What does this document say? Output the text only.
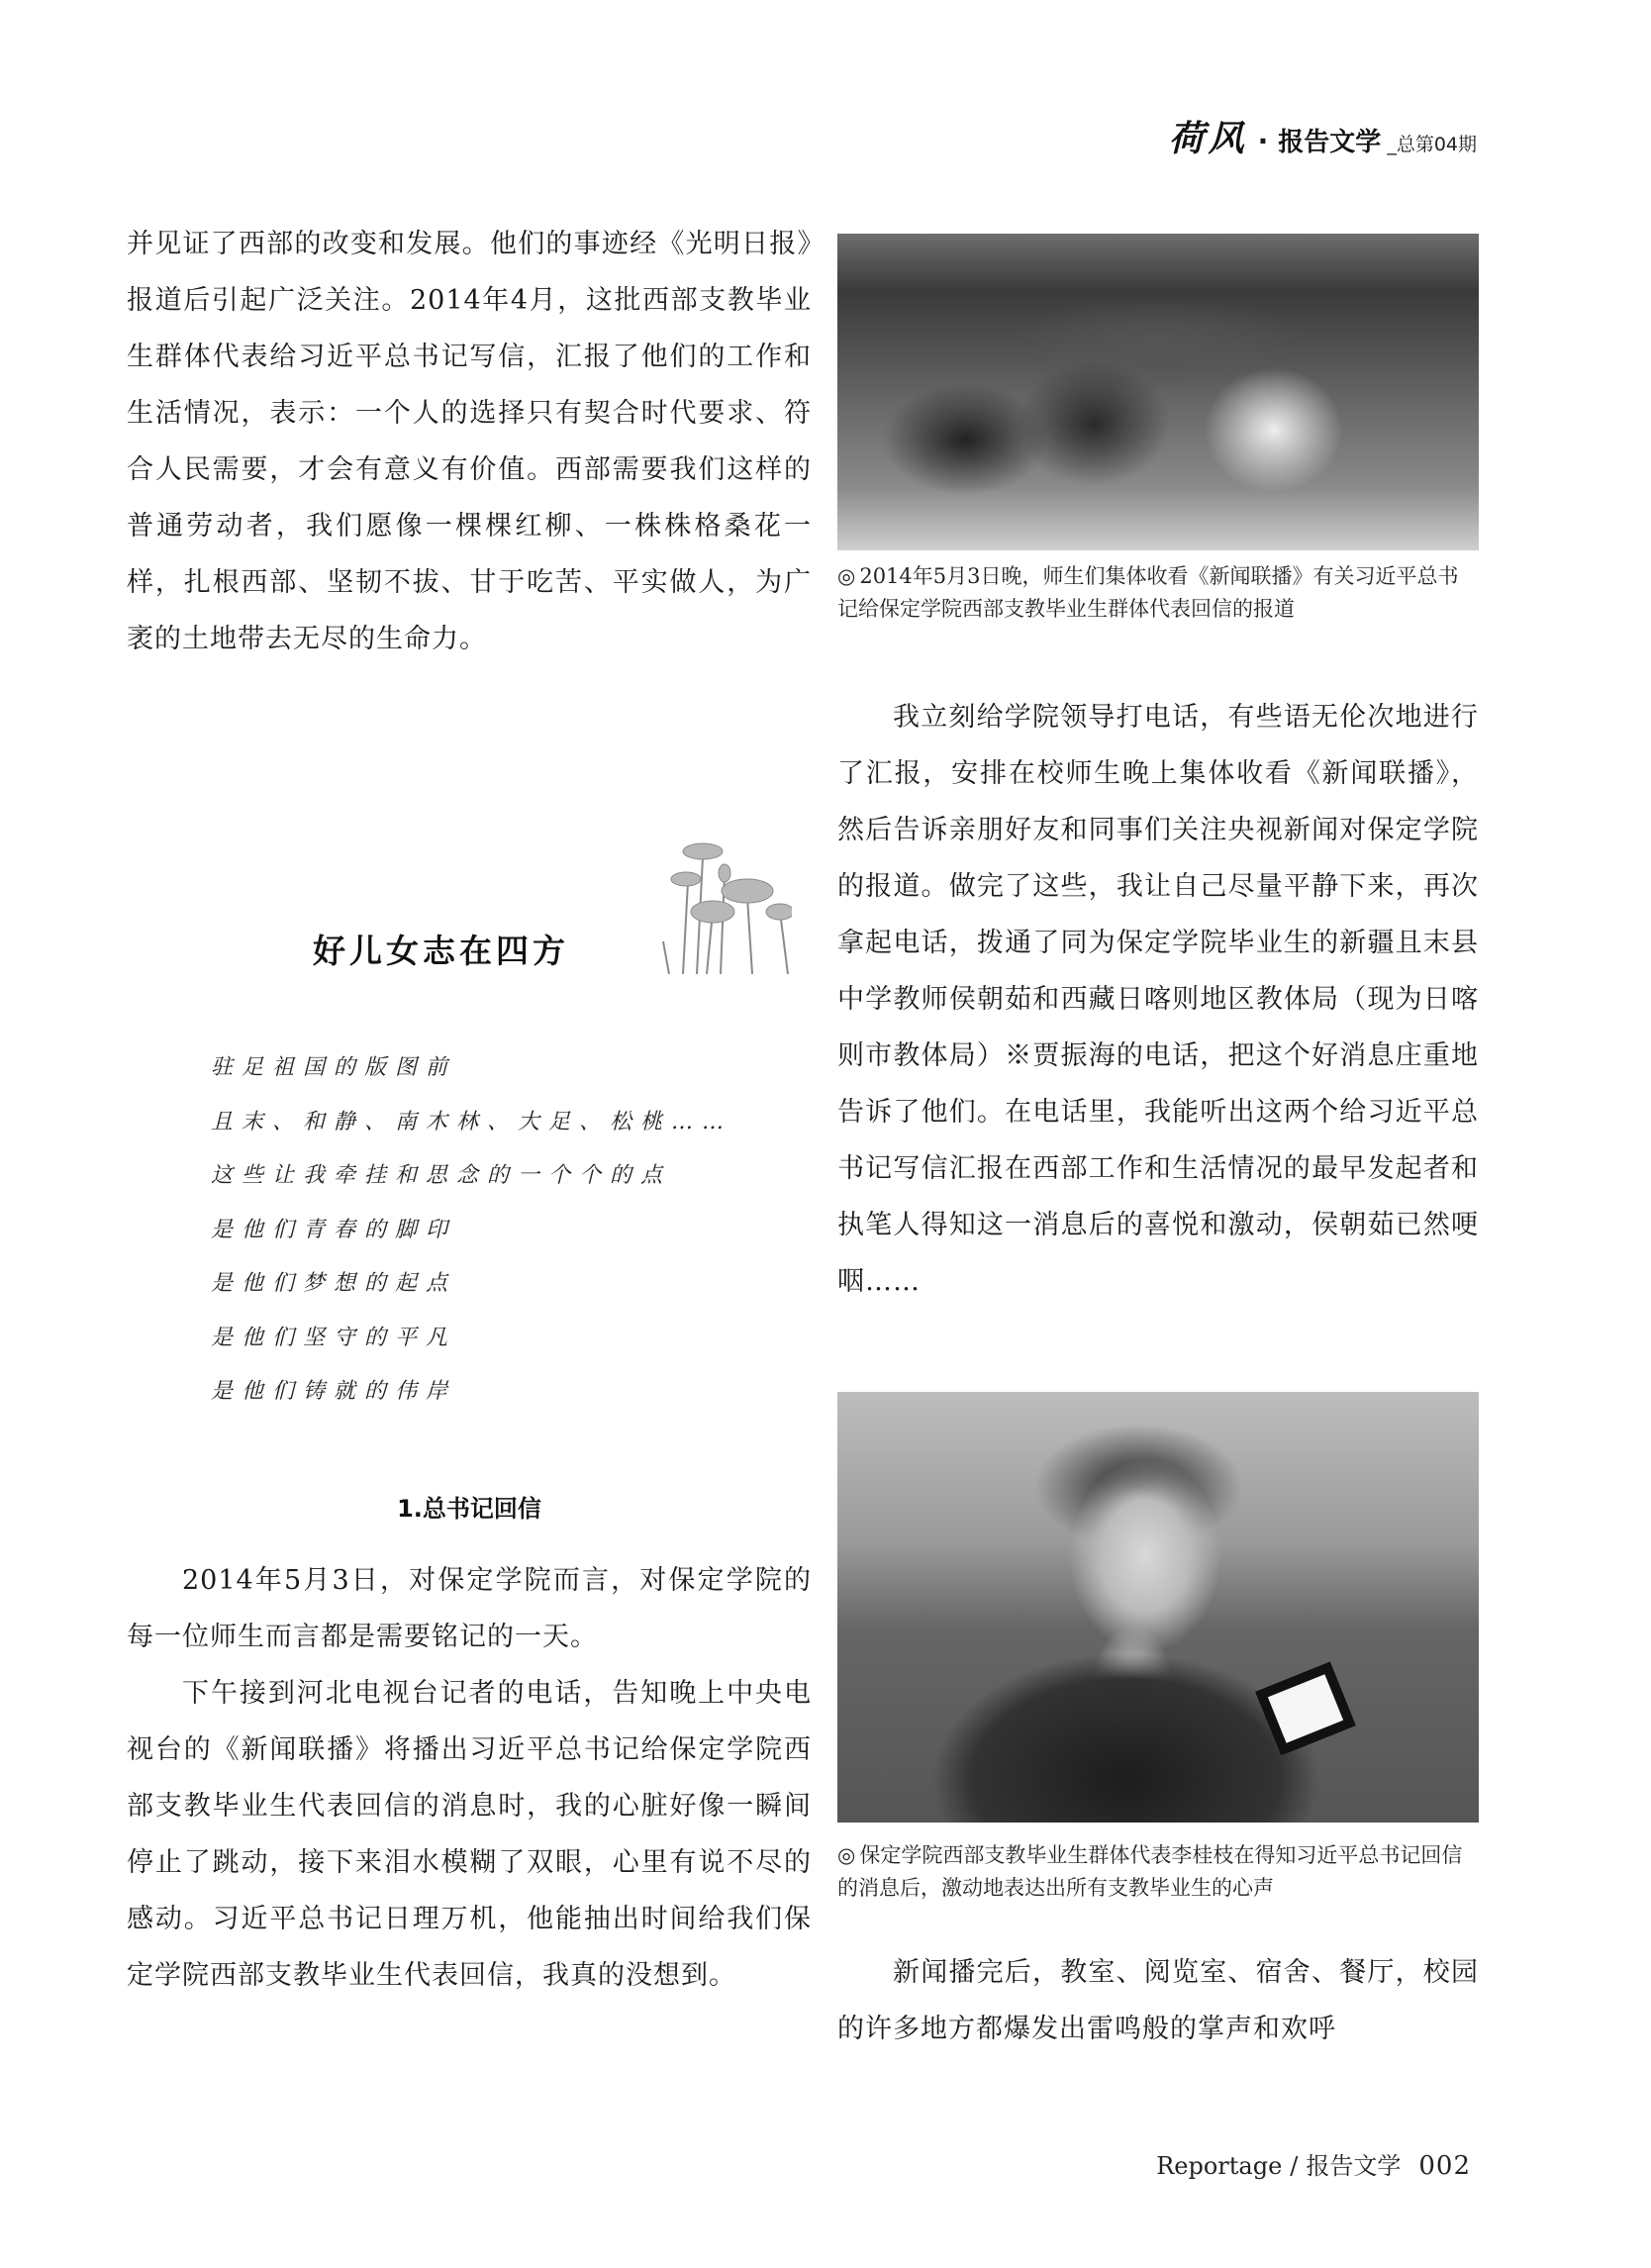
荷风 · 报告文学 _总第04期

并见证了西部的改变和发展。他们的事迹经《光明日报》报道后引起广泛关注。2014年4月，这批西部支教毕业生群体代表给习近平总书记写信，汇报了他们的工作和生活情况，表示：一个人的选择只有契合时代要求、符合人民需要，才会有意义有价值。西部需要我们这样的普通劳动者，我们愿像一棵棵红柳、一株株格桑花一样，扎根西部、坚韧不拔、甘于吃苦、平实做人，为广袤的土地带去无尽的生命力。

好儿女志在四方

驻足祖国的版图前

且末、和静、南木林、大足、松桃……

这些让我牵挂和思念的一个个的点

是他们青春的脚印

是他们梦想的起点

是他们坚守的平凡

是他们铸就的伟岸

1.总书记回信

2014年5月3日，对保定学院而言，对保定学院的每一位师生而言都是需要铭记的一天。

下午接到河北电视台记者的电话，告知晚上中央电视台的《新闻联播》将播出习近平总书记给保定学院西部支教毕业生代表回信的消息时，我的心脏好像一瞬间停止了跳动，接下来泪水模糊了双眼，心里有说不尽的感动。习近平总书记日理万机，他能抽出时间给我们保定学院西部支教毕业生代表回信，我真的没想到。

◎ 2014年5月3日晚，师生们集体收看《新闻联播》有关习近平总书记给保定学院西部支教毕业生群体代表回信的报道

我立刻给学院领导打电话，有些语无伦次地进行了汇报，安排在校师生晚上集体收看《新闻联播》，然后告诉亲朋好友和同事们关注央视新闻对保定学院的报道。做完了这些，我让自己尽量平静下来，再次拿起电话，拨通了同为保定学院毕业生的新疆且末县中学教师侯朝茹和西藏日喀则地区教体局（现为日喀则市教体局）※贾振海的电话，把这个好消息庄重地告诉了他们。在电话里，我能听出这两个给习近平总书记写信汇报在西部工作和生活情况的最早发起者和执笔人得知这一消息后的喜悦和激动，侯朝茹已然哽咽……

◎ 保定学院西部支教毕业生群体代表李桂枝在得知习近平总书记回信的消息后，激动地表达出所有支教毕业生的心声

新闻播完后，教室、阅览室、宿舍、餐厅，校园的许多地方都爆发出雷鸣般的掌声和欢呼

Reportage / 报告文学 002
